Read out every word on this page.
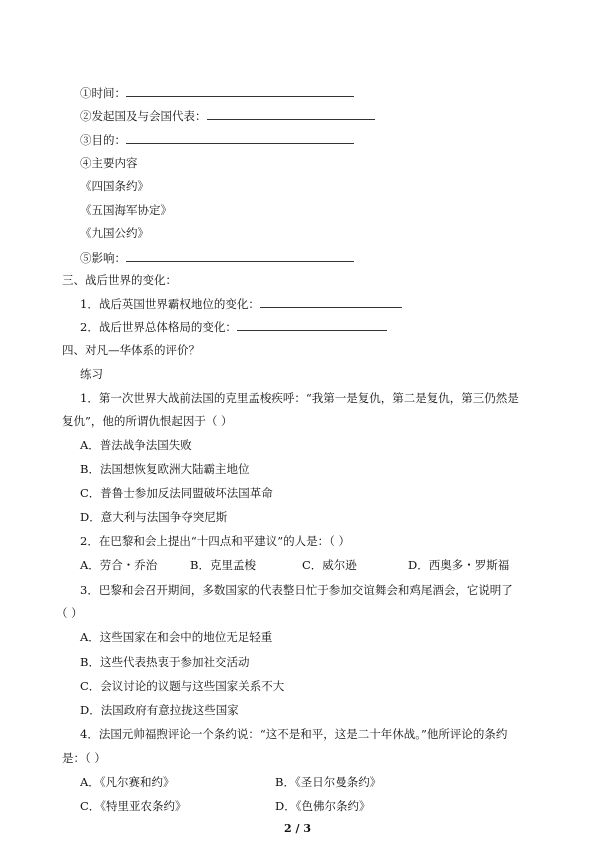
①时间：
②发起国及与会国代表：
③目的：
④主要内容
《四国条约》
《五国海军协定》
《九国公约》
⑤影响：
三、战后世界的变化：
1．战后英国世界霸权地位的变化：
2．战后世界总体格局的变化：
四、对凡—华体系的评价？
练习
1．第一次世界大战前法国的克里孟梭疾呼：“我第一是复仇，第二是复仇，第三仍然是
复仇”，他的所谓仇恨起因于（ ）
A．普法战争法国失败
B．法国想恢复欧洲大陆霸主地位
C．普鲁士参加反法同盟破坏法国革命
D．意大利与法国争夺突尼斯
2．在巴黎和会上提出“十四点和平建议”的人是：（ ）
A．劳合・乔治	B．克里孟梭	C．威尔逊	D．西奥多・罗斯福
3．巴黎和会召开期间，多数国家的代表整日忙于参加交谊舞会和鸡尾酒会，它说明了
（ ）
A．这些国家在和会中的地位无足轻重
B．这些代表热衷于参加社交活动
C．会议讨论的议题与这些国家关系不大
D．法国政府有意拉拢这些国家
4．法国元帅福煦评论一个条约说：“这不是和平，这是二十年休战。”他所评论的条约
是：（ ）
A．《凡尔赛和约》	B．《圣日尔曼条约》
C．《特里亚农条约》	D．《色佛尔条约》
2 / 3
